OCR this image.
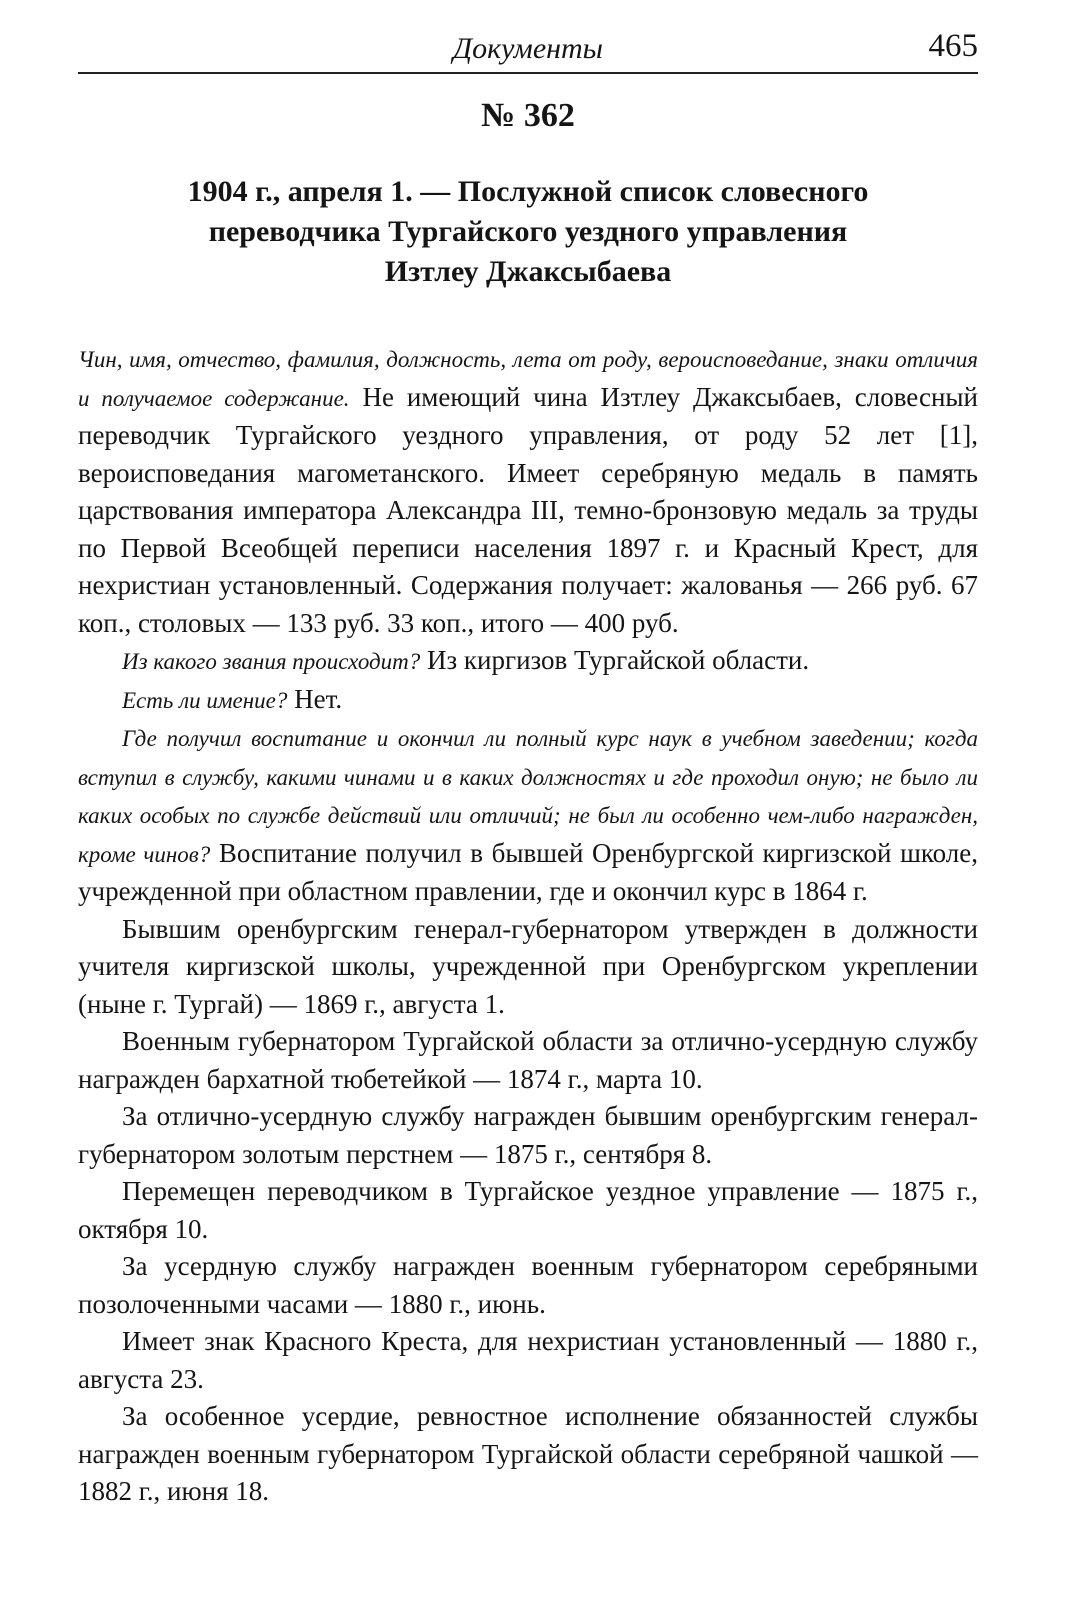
Документы	465
№ 362
1904 г., апреля 1. — Послужной список словесного
переводчика Тургайского уездного управления
Изтлеу Джаксыбаева

Чин, имя, отчество, фамилия, должность, лета от роду, вероисповедание, знаки отличия и получаемое содержание. Не имеющий чина Изтлеу Джаксыбаев, словесный переводчик Тургайского уездного управления, от роду 52 лет [1], вероисповедания магометанского. Имеет серебряную медаль в память царствования императора Александра III, темно-бронзовую медаль за труды по Первой Всеобщей переписи населения 1897 г. и Красный Крест, для нехристиан установленный. Содержания получает: жалованья — 266 руб. 67 коп., столовых — 133 руб. 33 коп., итого — 400 руб.

Из какого звания происходит? Из киргизов Тургайской области.

Есть ли имение? Нет.

Где получил воспитание и окончил ли полный курс наук в учебном заведении; когда вступил в службу, какими чинами и в каких должностях и где проходил оную; не было ли каких особых по службе действий или отличий; не был ли особенно чем-либо награжден, кроме чинов? Воспитание получил в бывшей Оренбургской киргизской школе, учрежденной при областном правлении, где и окончил курс в 1864 г.

Бывшим оренбургским генерал-губернатором утвержден в должности учителя киргизской школы, учрежденной при Оренбургском укреплении (ныне г. Тургай) — 1869 г., августа 1.

Военным губернатором Тургайской области за отлично-усердную службу награжден бархатной тюбетейкой — 1874 г., марта 10.

За отлично-усердную службу награжден бывшим оренбургским генерал-губернатором золотым перстнем — 1875 г., сентября 8.

Перемещен переводчиком в Тургайское уездное управление — 1875 г., октября 10.

За усердную службу награжден военным губернатором серебряными позолоченными часами — 1880 г., июнь.

Имеет знак Красного Креста, для нехристиан установленный — 1880 г., августа 23.

За особенное усердие, ревностное исполнение обязанностей службы награжден военным губернатором Тургайской области серебряной чашкой — 1882 г., июня 18.
